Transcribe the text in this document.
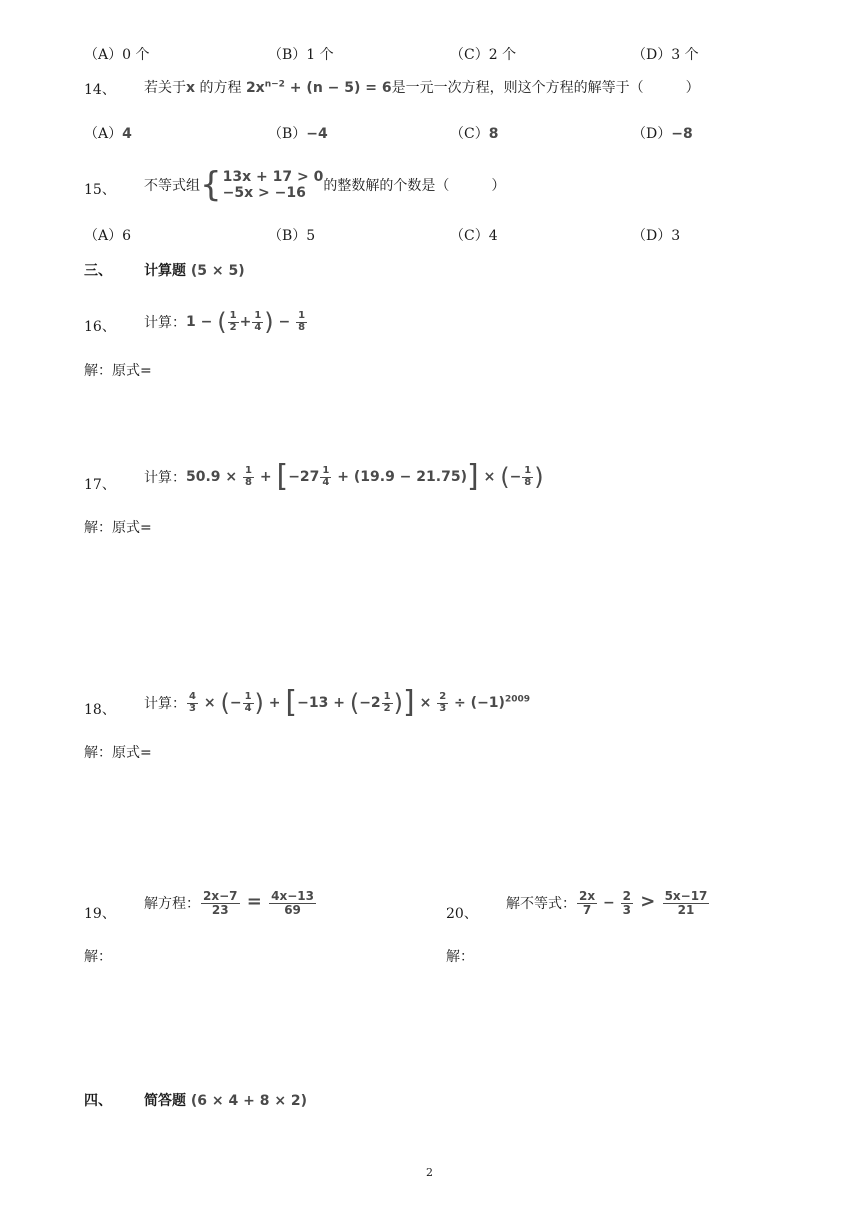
（A）0 个	（B）1 个	（C）2 个	（D）3 个
14、 若关于x 的方程 $2x^{n-2} + (n - 5) = 6$是一元一次方程，则这个方程的解等于（　　　）
（A）4	（B）−4	（C）8	（D）−8
15、 不等式组 { 13x + 17 > 0
−5x > −16	的整数解的个数是（　　　）
（A）6	（B）5	（C）4	（D）3
三、 计算题 (5 × 5)
16、 计算： 1 − ( $\frac{1}{2} + \frac{1}{4}$ ) − $\frac{1}{8}$
解：原式=
17、 计算： $50.9 \times \frac{1}{8} + [-27 \frac{1}{4} + (19.9 - 21.75)]$ × (− $\frac{1}{8}$ )
解：原式=
18、 计算： $\frac{4}{3}$ × (− $\frac{1}{4}$ ) + [$-13 + (-2 \frac{1}{2}$ )] × $\frac{2}{3} \div (-1)^{2009}$
解：原式=
19、
解方程： $\frac{2x-7}{23} = \frac{4x-13}{69}$
解：
20、
解不等式： $\frac{2x}{7} - \frac{2}{3} > \frac{5x-17}{21}$
解：
四、 简答题 (6 × 4 + 8 × 2)
2
